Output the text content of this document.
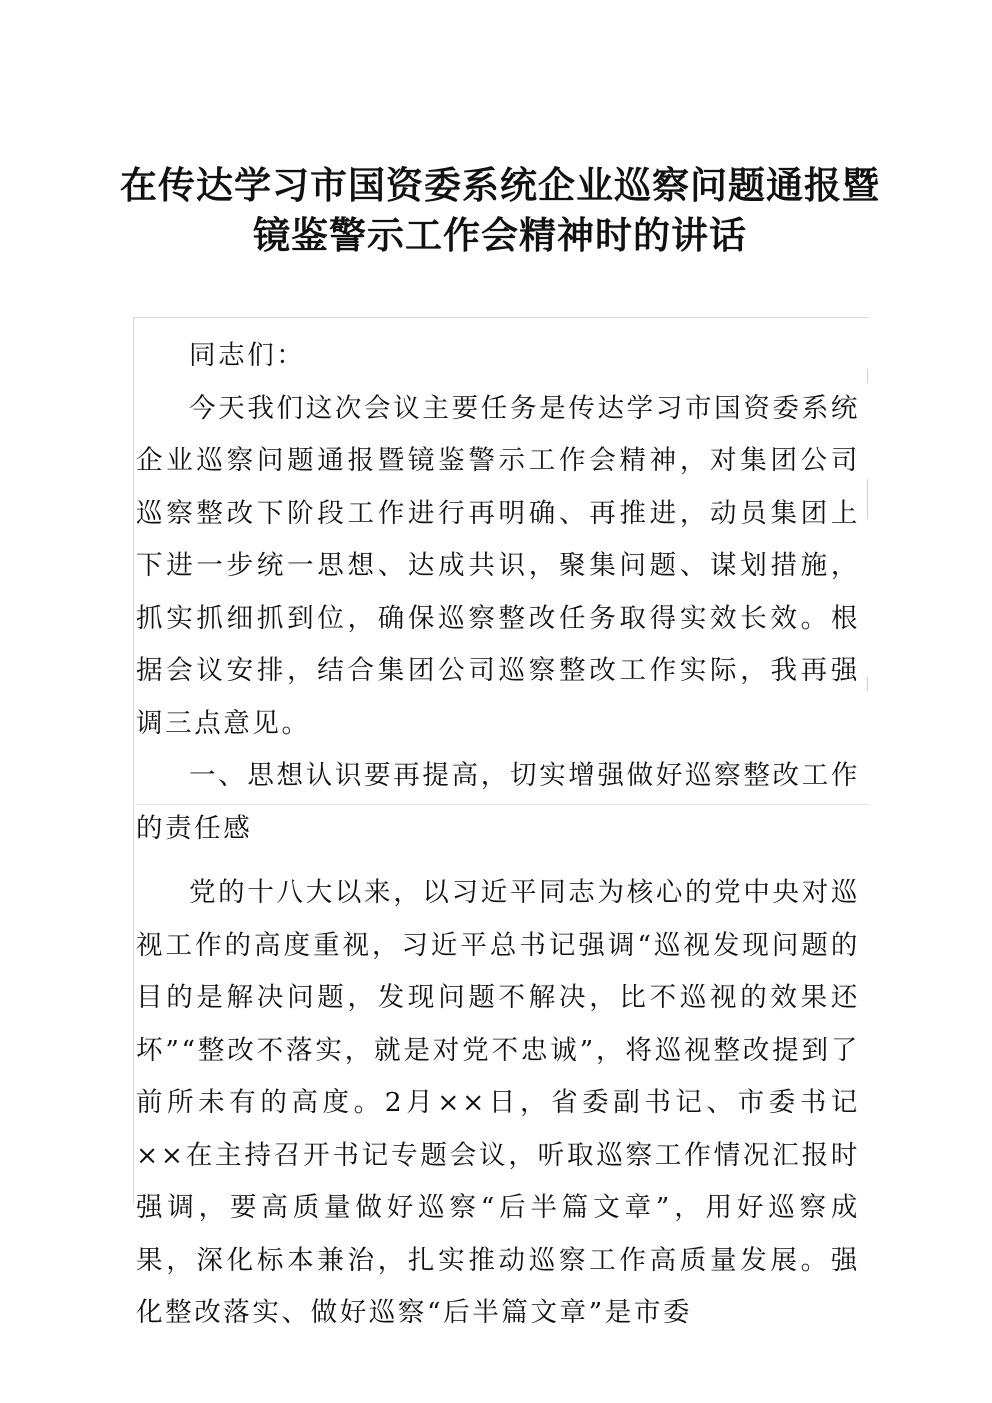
在传达学习市国资委系统企业巡察问题通报暨
镜鉴警示工作会精神时的讲话

同志们：

今天我们这次会议主要任务是传达学习市国资委系统企业巡察问题通报暨镜鉴警示工作会精神，对集团公司巡察整改下阶段工作进行再明确、再推进，动员集团上下进一步统一思想、达成共识，聚集问题、谋划措施，抓实抓细抓到位，确保巡察整改任务取得实效长效。根据会议安排，结合集团公司巡察整改工作实际，我再强调三点意见。

一、思想认识要再提高，切实增强做好巡察整改工作的责任感

党的十八大以来，以习近平同志为核心的党中央对巡视工作的高度重视，习近平总书记强调“巡视发现问题的目的是解决问题，发现问题不解决，比不巡视的效果还坏”“整改不落实，就是对党不忠诚”，将巡视整改提到了前所未有的高度。2月××日，省委副书记、市委书记××在主持召开书记专题会议，听取巡察工作情况汇报时强调，要高质量做好巡察“后半篇文章”，用好巡察成果，深化标本兼治，扎实推动巡察工作高质量发展。强化整改落实、做好巡察“后半篇文章”是市委
